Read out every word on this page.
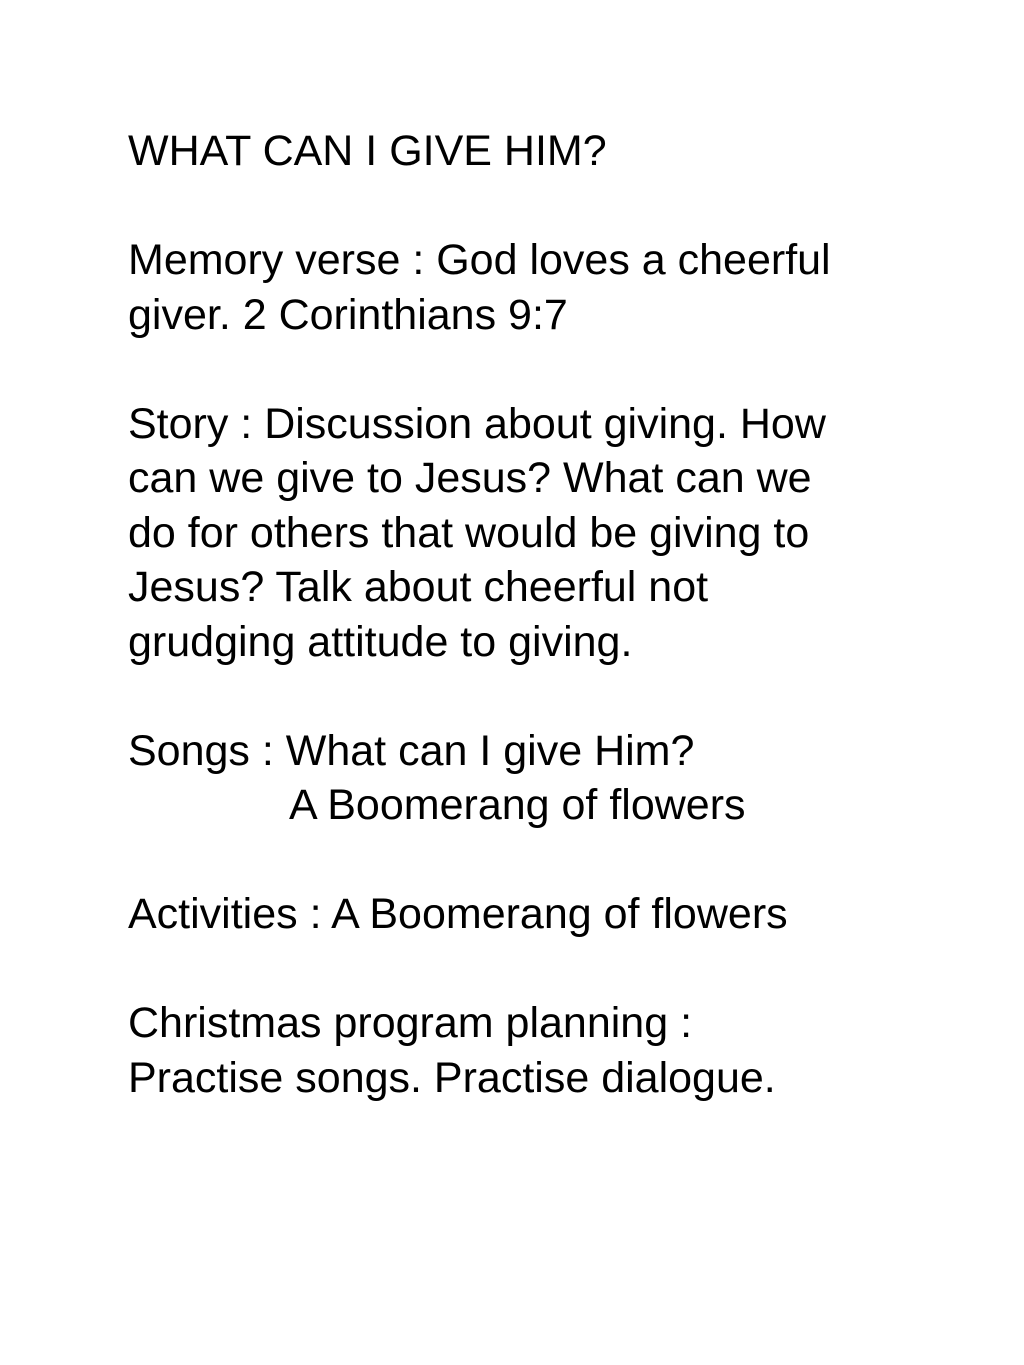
WHAT CAN I GIVE HIM?
Memory verse : God loves a cheerful
giver. 2 Corinthians 9:7
Story : Discussion about giving. How
can we give to Jesus? What can we
do for others that would be giving to
Jesus? Talk about cheerful not
grudging attitude to giving.
Songs : What can I give Him?
A Boomerang of flowers
Activities : A Boomerang of flowers
Christmas program planning :
Practise songs. Practise dialogue.
